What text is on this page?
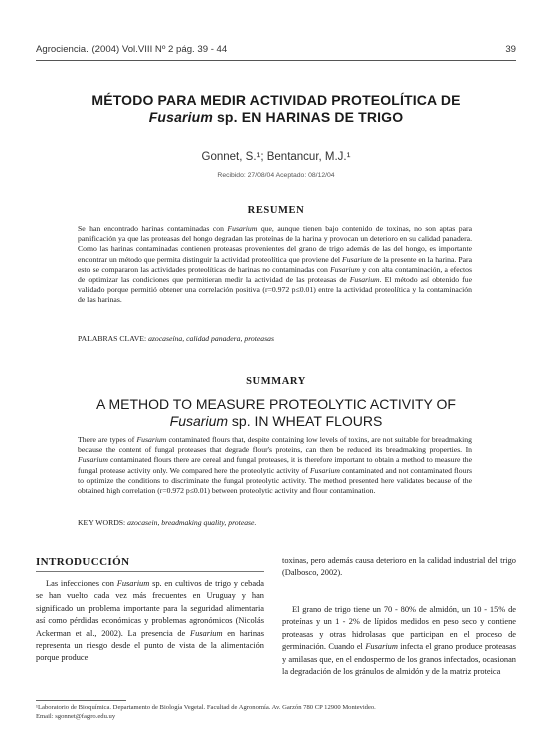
Agrociencia. (2004) Vol.VIII Nº 2 pág. 39 - 44	39
MÉTODO PARA MEDIR ACTIVIDAD PROTEOLÍTICA DE
Fusarium sp. EN HARINAS DE TRIGO
Gonnet, S.¹; Bentancur, M.J.¹
Recibido: 27/08/04 Aceptado: 08/12/04
RESUMEN

Se han encontrado harinas contaminadas con Fusarium que, aunque tienen bajo contenido de toxinas, no son aptas para panificación ya que las proteasas del hongo degradan las proteínas de la harina y provocan un deterioro en su calidad panadera. Como las harinas contaminadas contienen proteasas provenientes del grano de trigo además de las del hongo, es importante encontrar un método que permita distinguir la actividad proteolítica que proviene del Fusarium de la presente en la harina. Para esto se compararon las actividades proteolíticas de harinas no contaminadas con Fusarium y con alta contaminación, a efectos de optimizar las condiciones que permitieran medir la actividad de las proteasas de Fusarium. El método así obtenido fue validado porque permitió obtener una correlación positiva (r=0.972 p≤0.01) entre la actividad proteolítica y la contaminación de las harinas.

PALABRAS CLAVE: azocaseína, calidad panadera, proteasas

SUMMARY
A METHOD TO MEASURE PROTEOLYTIC ACTIVITY OF
Fusarium sp. IN WHEAT FLOURS

There are types of Fusarium contaminated flours that, despite containing low levels of toxins, are not suitable for breadmaking because the content of fungal proteases that degrade flour's proteins, can then be reduced its breadmaking properties. In Fusarium contaminated flours there are cereal and fungal proteases, it is therefore important to obtain a method to measure the fungal protease activity only. We compared here the proteolytic activity of Fusarium contaminated and not contaminated flours to optimize the conditions to discriminate the fungal proteolytic activity. The method presented here validates because of the obtained high correlation (r=0.972 p≤0.01) between proteolytic activity and flour contamination.

KEY WORDS: azocasein, breadmaking quality, protease.

INTRODUCCIÓN

Las infecciones con Fusarium sp. en cultivos de trigo y cebada se han vuelto cada vez más frecuentes en Uruguay y han significado un problema importante para la seguridad alimentaria así como pérdidas económicas y problemas agronómicos (Nicolás Ackerman et al., 2002). La presencia de Fusarium en harinas representa un riesgo desde el punto de vista de la alimentación porque produce

toxinas, pero además causa deterioro en la calidad industrial del trigo (Dalbosco, 2002).

El grano de trigo tiene un 70 - 80% de almidón, un 10 - 15% de proteínas y un 1 - 2% de lípidos medidos en peso seco y contiene proteasas y otras hidrolasas que participan en el proceso de germinación. Cuando el Fusarium infecta el grano produce proteasas y amilasas que, en el endospermo de los granos infectados, ocasionan la degradación de los gránulos de almidón y de la matriz proteica

¹Laboratorio de Bioquímica. Departamento de Biología Vegetal. Facultad de Agronomía. Av. Garzón 780 CP 12900 Montevideo.
Email: sgonnet@fagro.edu.uy
